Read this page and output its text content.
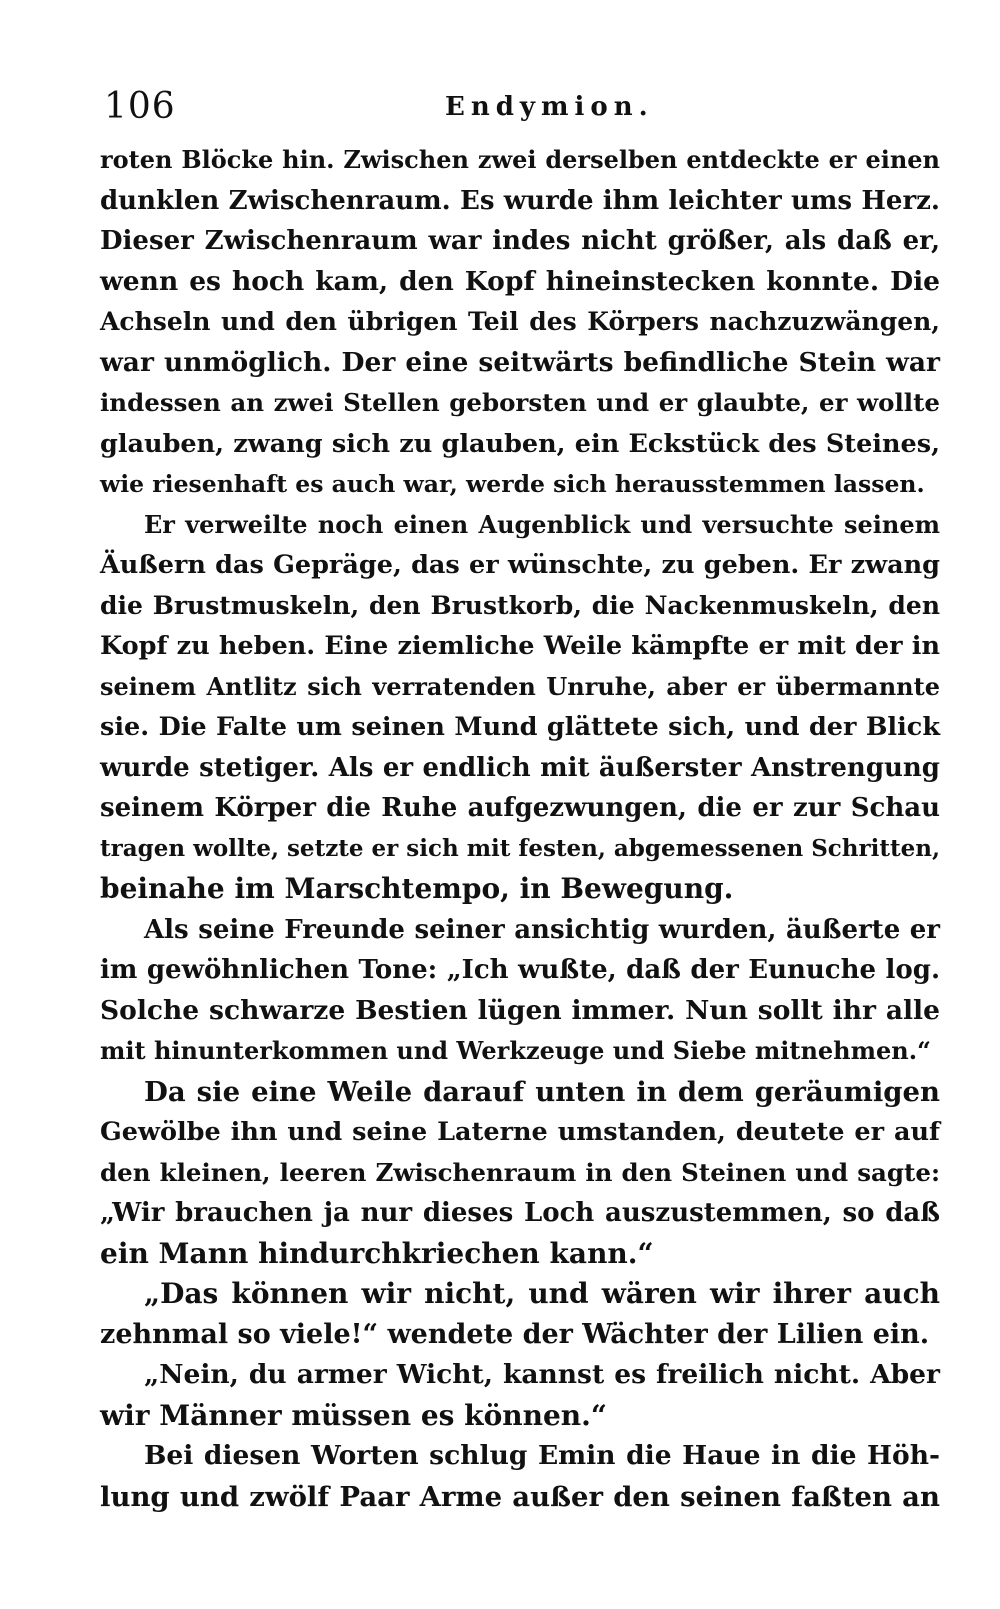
106	Endymion.

roten Blöcke hin. Zwischen zwei derselben entdeckte er einen
dunklen Zwischenraum. Es wurde ihm leichter ums Herz.
Dieser Zwischenraum war indes nicht größer, als daß er,
wenn es hoch kam, den Kopf hineinstecken konnte. Die
Achseln und den übrigen Teil des Körpers nachzuzwängen,
war unmöglich. Der eine seitwärts befindliche Stein war
indessen an zwei Stellen geborsten und er glaubte, er wollte
glauben, zwang sich zu glauben, ein Eckstück des Steines,
wie riesenhaft es auch war, werde sich herausstemmen lassen.

Er verweilte noch einen Augenblick und versuchte seinem
Äußern das Gepräge, das er wünschte, zu geben. Er zwang
die Brustmuskeln, den Brustkorb, die Nackenmuskeln, den
Kopf zu heben. Eine ziemliche Weile kämpfte er mit der in
seinem Antlitz sich verratenden Unruhe, aber er übermannte
sie. Die Falte um seinen Mund glättete sich, und der Blick
wurde stetiger. Als er endlich mit äußerster Anstrengung
seinem Körper die Ruhe aufgezwungen, die er zur Schau
tragen wollte, setzte er sich mit festen, abgemessenen Schritten,
beinahe im Marschtempo, in Bewegung.

Als seine Freunde seiner ansichtig wurden, äußerte er
im gewöhnlichen Tone: „Ich wußte, daß der Eunuche log.
Solche schwarze Bestien lügen immer. Nun sollt ihr alle
mit hinunterkommen und Werkzeuge und Siebe mitnehmen.“

Da sie eine Weile darauf unten in dem geräumigen
Gewölbe ihn und seine Laterne umstanden, deutete er auf
den kleinen, leeren Zwischenraum in den Steinen und sagte:
„Wir brauchen ja nur dieses Loch auszustemmen, so daß
ein Mann hindurchkriechen kann.“

„Das können wir nicht, und wären wir ihrer auch
zehnmal so viele!“ wendete der Wächter der Lilien ein.

„Nein, du armer Wicht, kannst es freilich nicht. Aber
wir Männer müssen es können.“

Bei diesen Worten schlug Emin die Haue in die Höh-
lung und zwölf Paar Arme außer den seinen faßten an
